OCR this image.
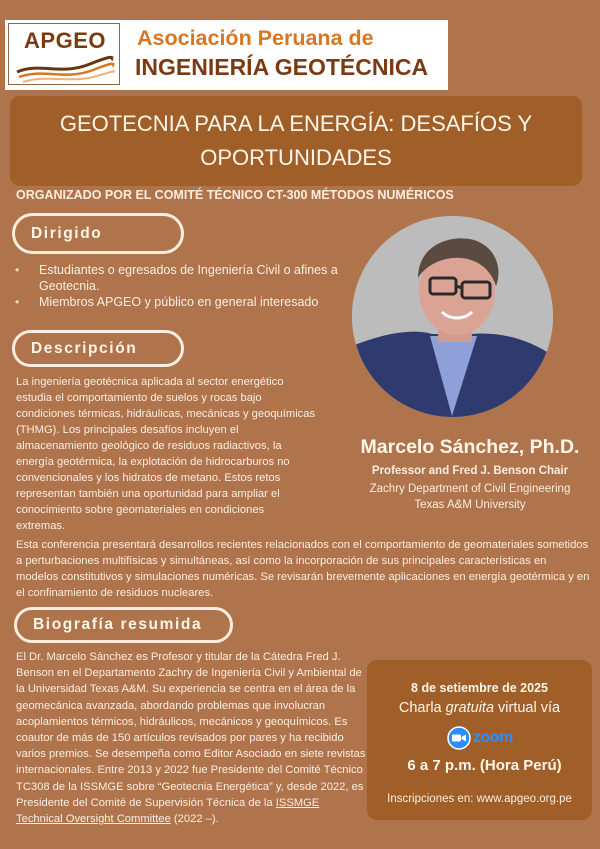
APGEO	Asociación Peruana de
INGENIERÍA GEOTÉCNICA
GEOTECNIA PARA LA ENERGÍA: DESAFÍOS Y
OPORTUNIDADES
ORGANIZADO POR EL COMITÉ TÉCNICO CT-300 MÉTODOS NUMÉRICOS
Dirigido
• Estudiantes o egresados de Ingeniería Civil o afines a Geotecnia.
• Miembros APGEO y público en general interesado
Descripción
La ingeniería geotécnica aplicada al sector energético estudia el comportamiento de suelos y rocas bajo condiciones térmicas, hidráulicas, mecánicas y geoquímicas (THMG). Los principales desafíos incluyen el almacenamiento geológico de residuos radiactivos, la energía geotérmica, la explotación de hidrocarburos no convencionales y los hidratos de metano. Estos retos representan también una oportunidad para ampliar el conocimiento sobre geomateriales en condiciones extremas.
Esta conferencia presentará desarrollos recientes relacionados con el comportamiento de geomateriales sometidos a perturbaciones multifísicas y simultáneas, así como la incorporación de sus principales características en modelos constitutivos y simulaciones numéricas. Se revisarán brevemente aplicaciones en energía geotérmica y en el confinamiento de residuos nucleares.
Marcelo Sánchez, Ph.D.
Professor and Fred J. Benson Chair
Zachry Department of Civil Engineering
Texas A&M University
Biografía resumida
El Dr. Marcelo Sánchez es Profesor y titular de la Cátedra Fred J. Benson en el Departamento Zachry de Ingeniería Civil y Ambiental de la Universidad Texas A&M. Su experiencia se centra en el área de la geomecánica avanzada, abordando problemas que involucran acoplamientos térmicos, hidráulicos, mecánicos y geoquímicos. Es coautor de más de 150 artículos revisados por pares y ha recibido varios premios. Se desempeña como Editor Asociado en siete revistas internacionales. Entre 2013 y 2022 fue Presidente del Comité Técnico TC308 de la ISSMGE sobre “Geotecnia Energética” y, desde 2022, es Presidente del Comité de Supervisión Técnica de la ISSMGE Technical Oversight Committee (2022 –).
8 de setiembre de 2025
Charla gratuita virtual vía
zoom
6 a 7 p.m. (Hora Perú)
Inscripciones en: www.apgeo.org.pe
